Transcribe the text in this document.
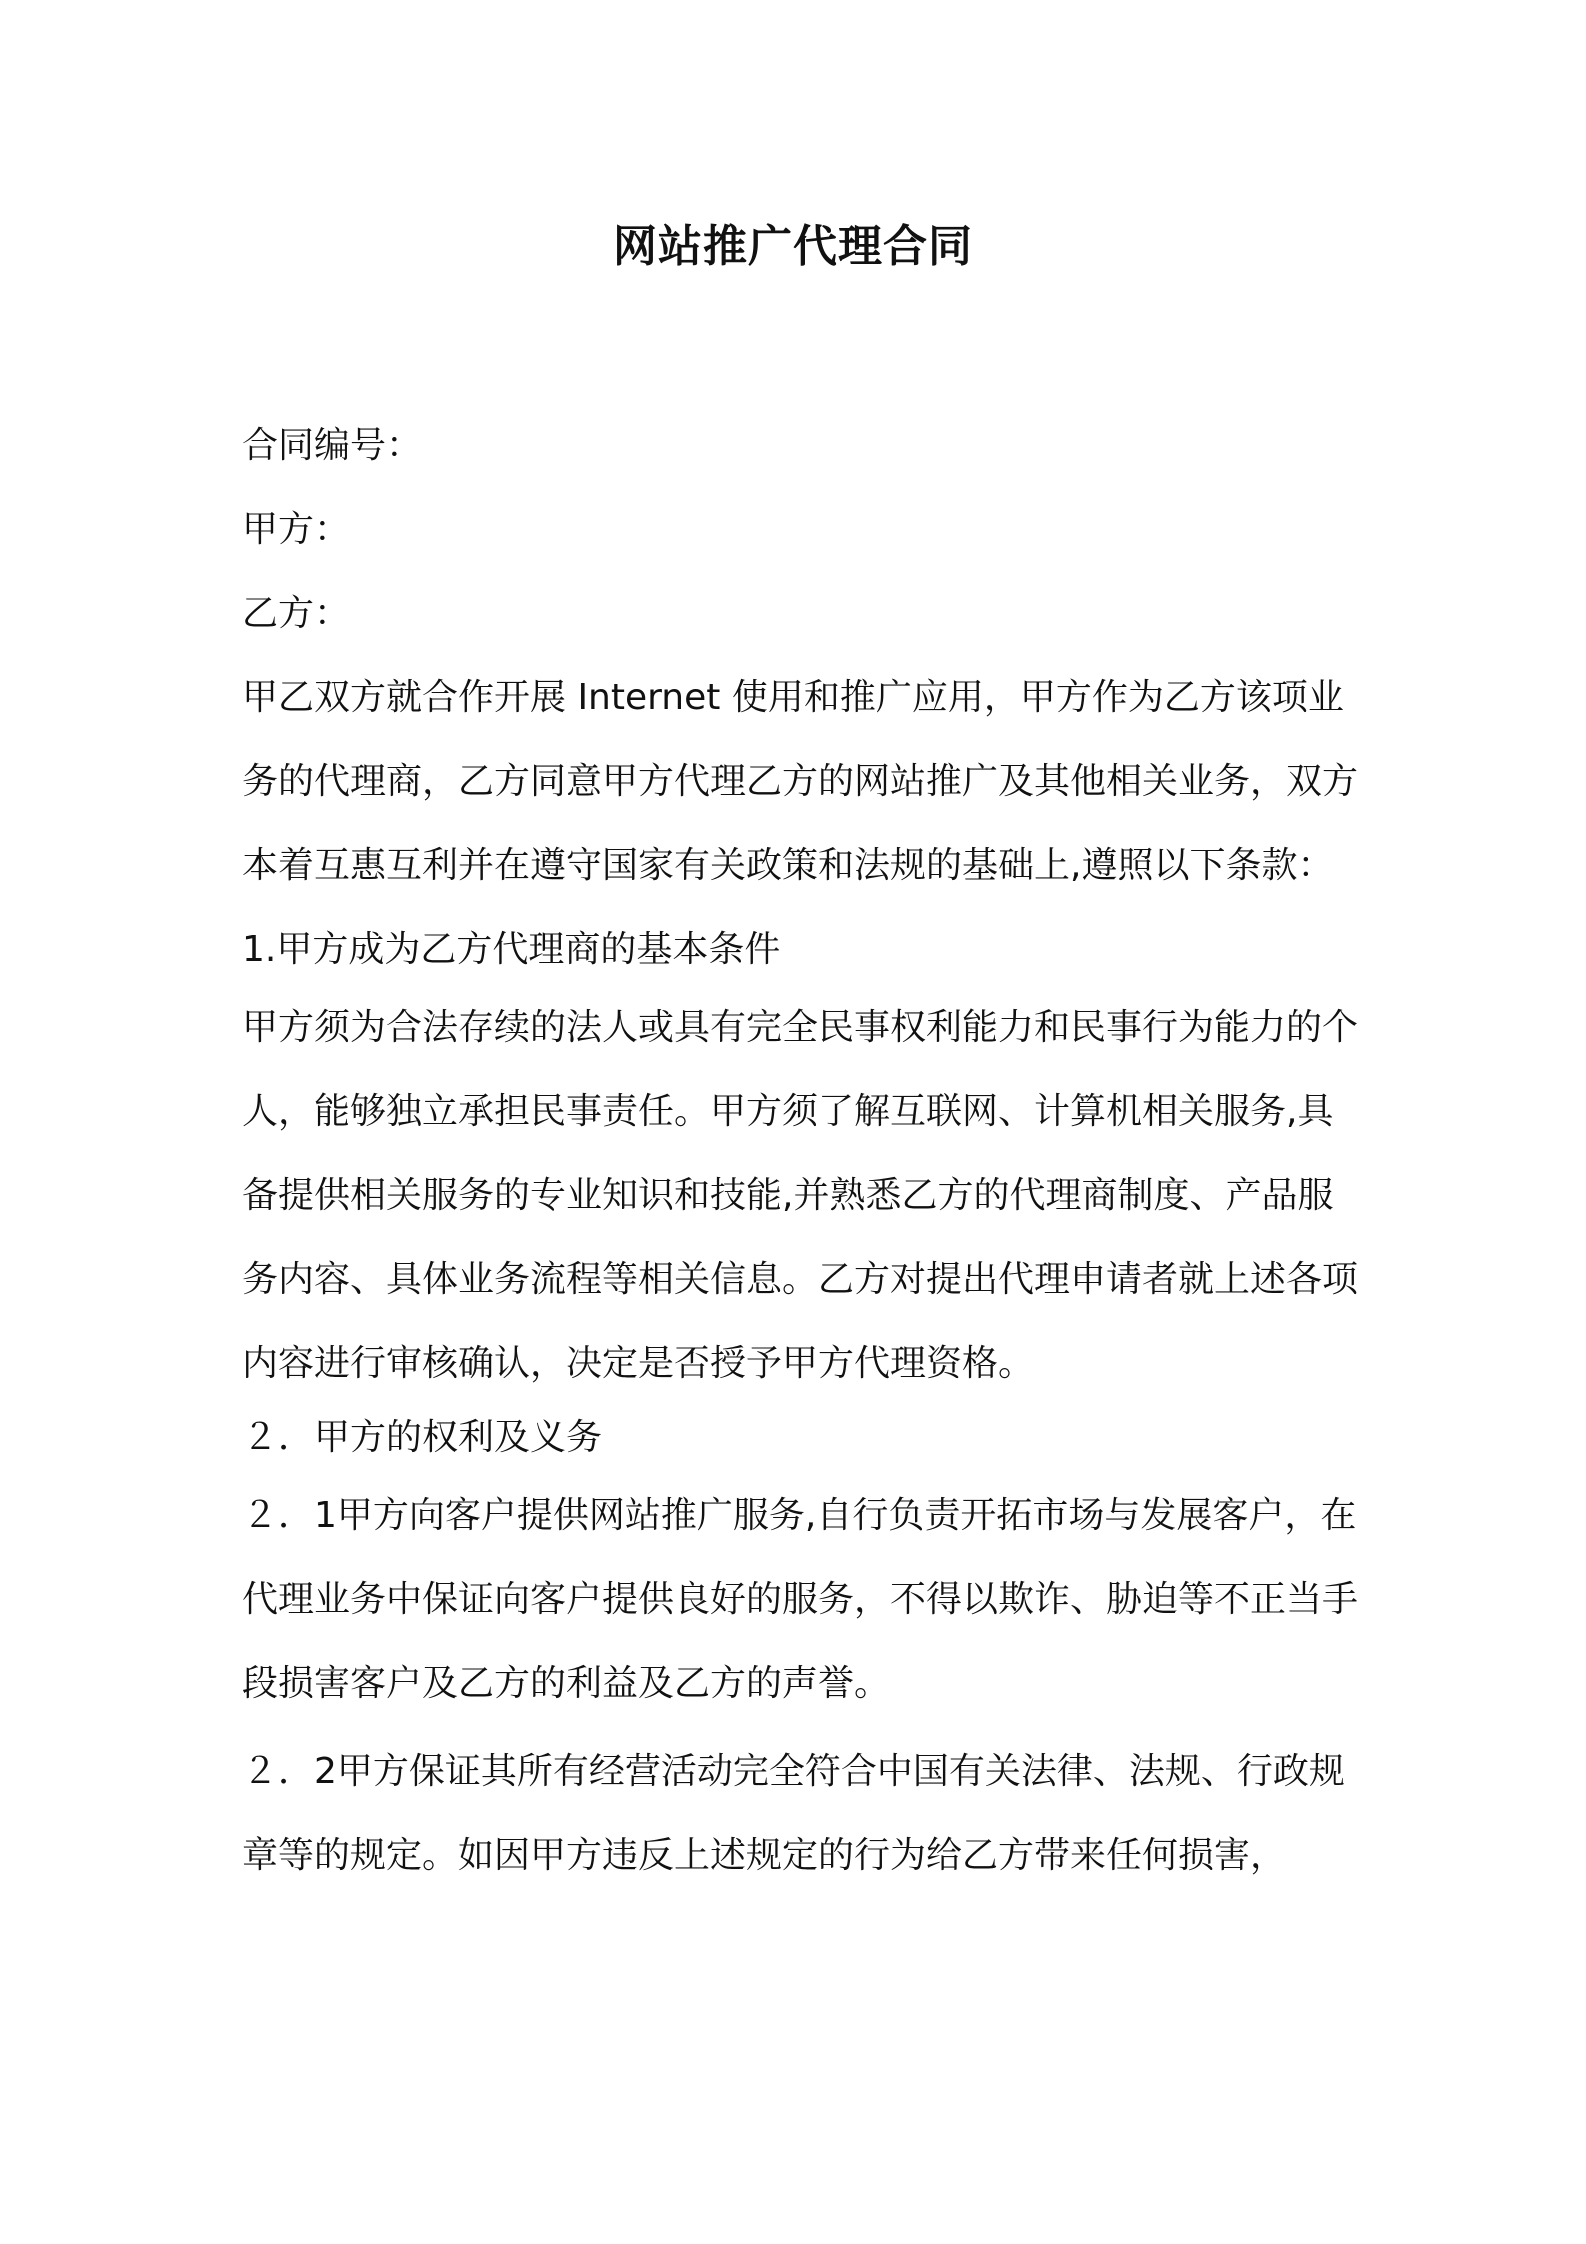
网站推广代理合同

合同编号：

甲方：

乙方：

甲乙双方就合作开展 Internet 使用和推广应用，甲方作为乙方该项业务的代理商，乙方同意甲方代理乙方的网站推广及其他相关业务，双方本着互惠互利并在遵守国家有关政策和法规的基础上,遵照以下条款：

1.甲方成为乙方代理商的基本条件

甲方须为合法存续的法人或具有完全民事权利能力和民事行为能力的个人，能够独立承担民事责任。甲方须了解互联网、计算机相关服务,具备提供相关服务的专业知识和技能,并熟悉乙方的代理商制度、产品服务内容、具体业务流程等相关信息。乙方对提出代理申请者就上述各项内容进行审核确认，决定是否授予甲方代理资格。

２．甲方的权利及义务

２．1甲方向客户提供网站推广服务,自行负责开拓市场与发展客户，在代理业务中保证向客户提供良好的服务，不得以欺诈、胁迫等不正当手段损害客户及乙方的利益及乙方的声誉。

２．2甲方保证其所有经营活动完全符合中国有关法律、法规、行政规章等的规定。如因甲方违反上述规定的行为给乙方带来任何损害，
